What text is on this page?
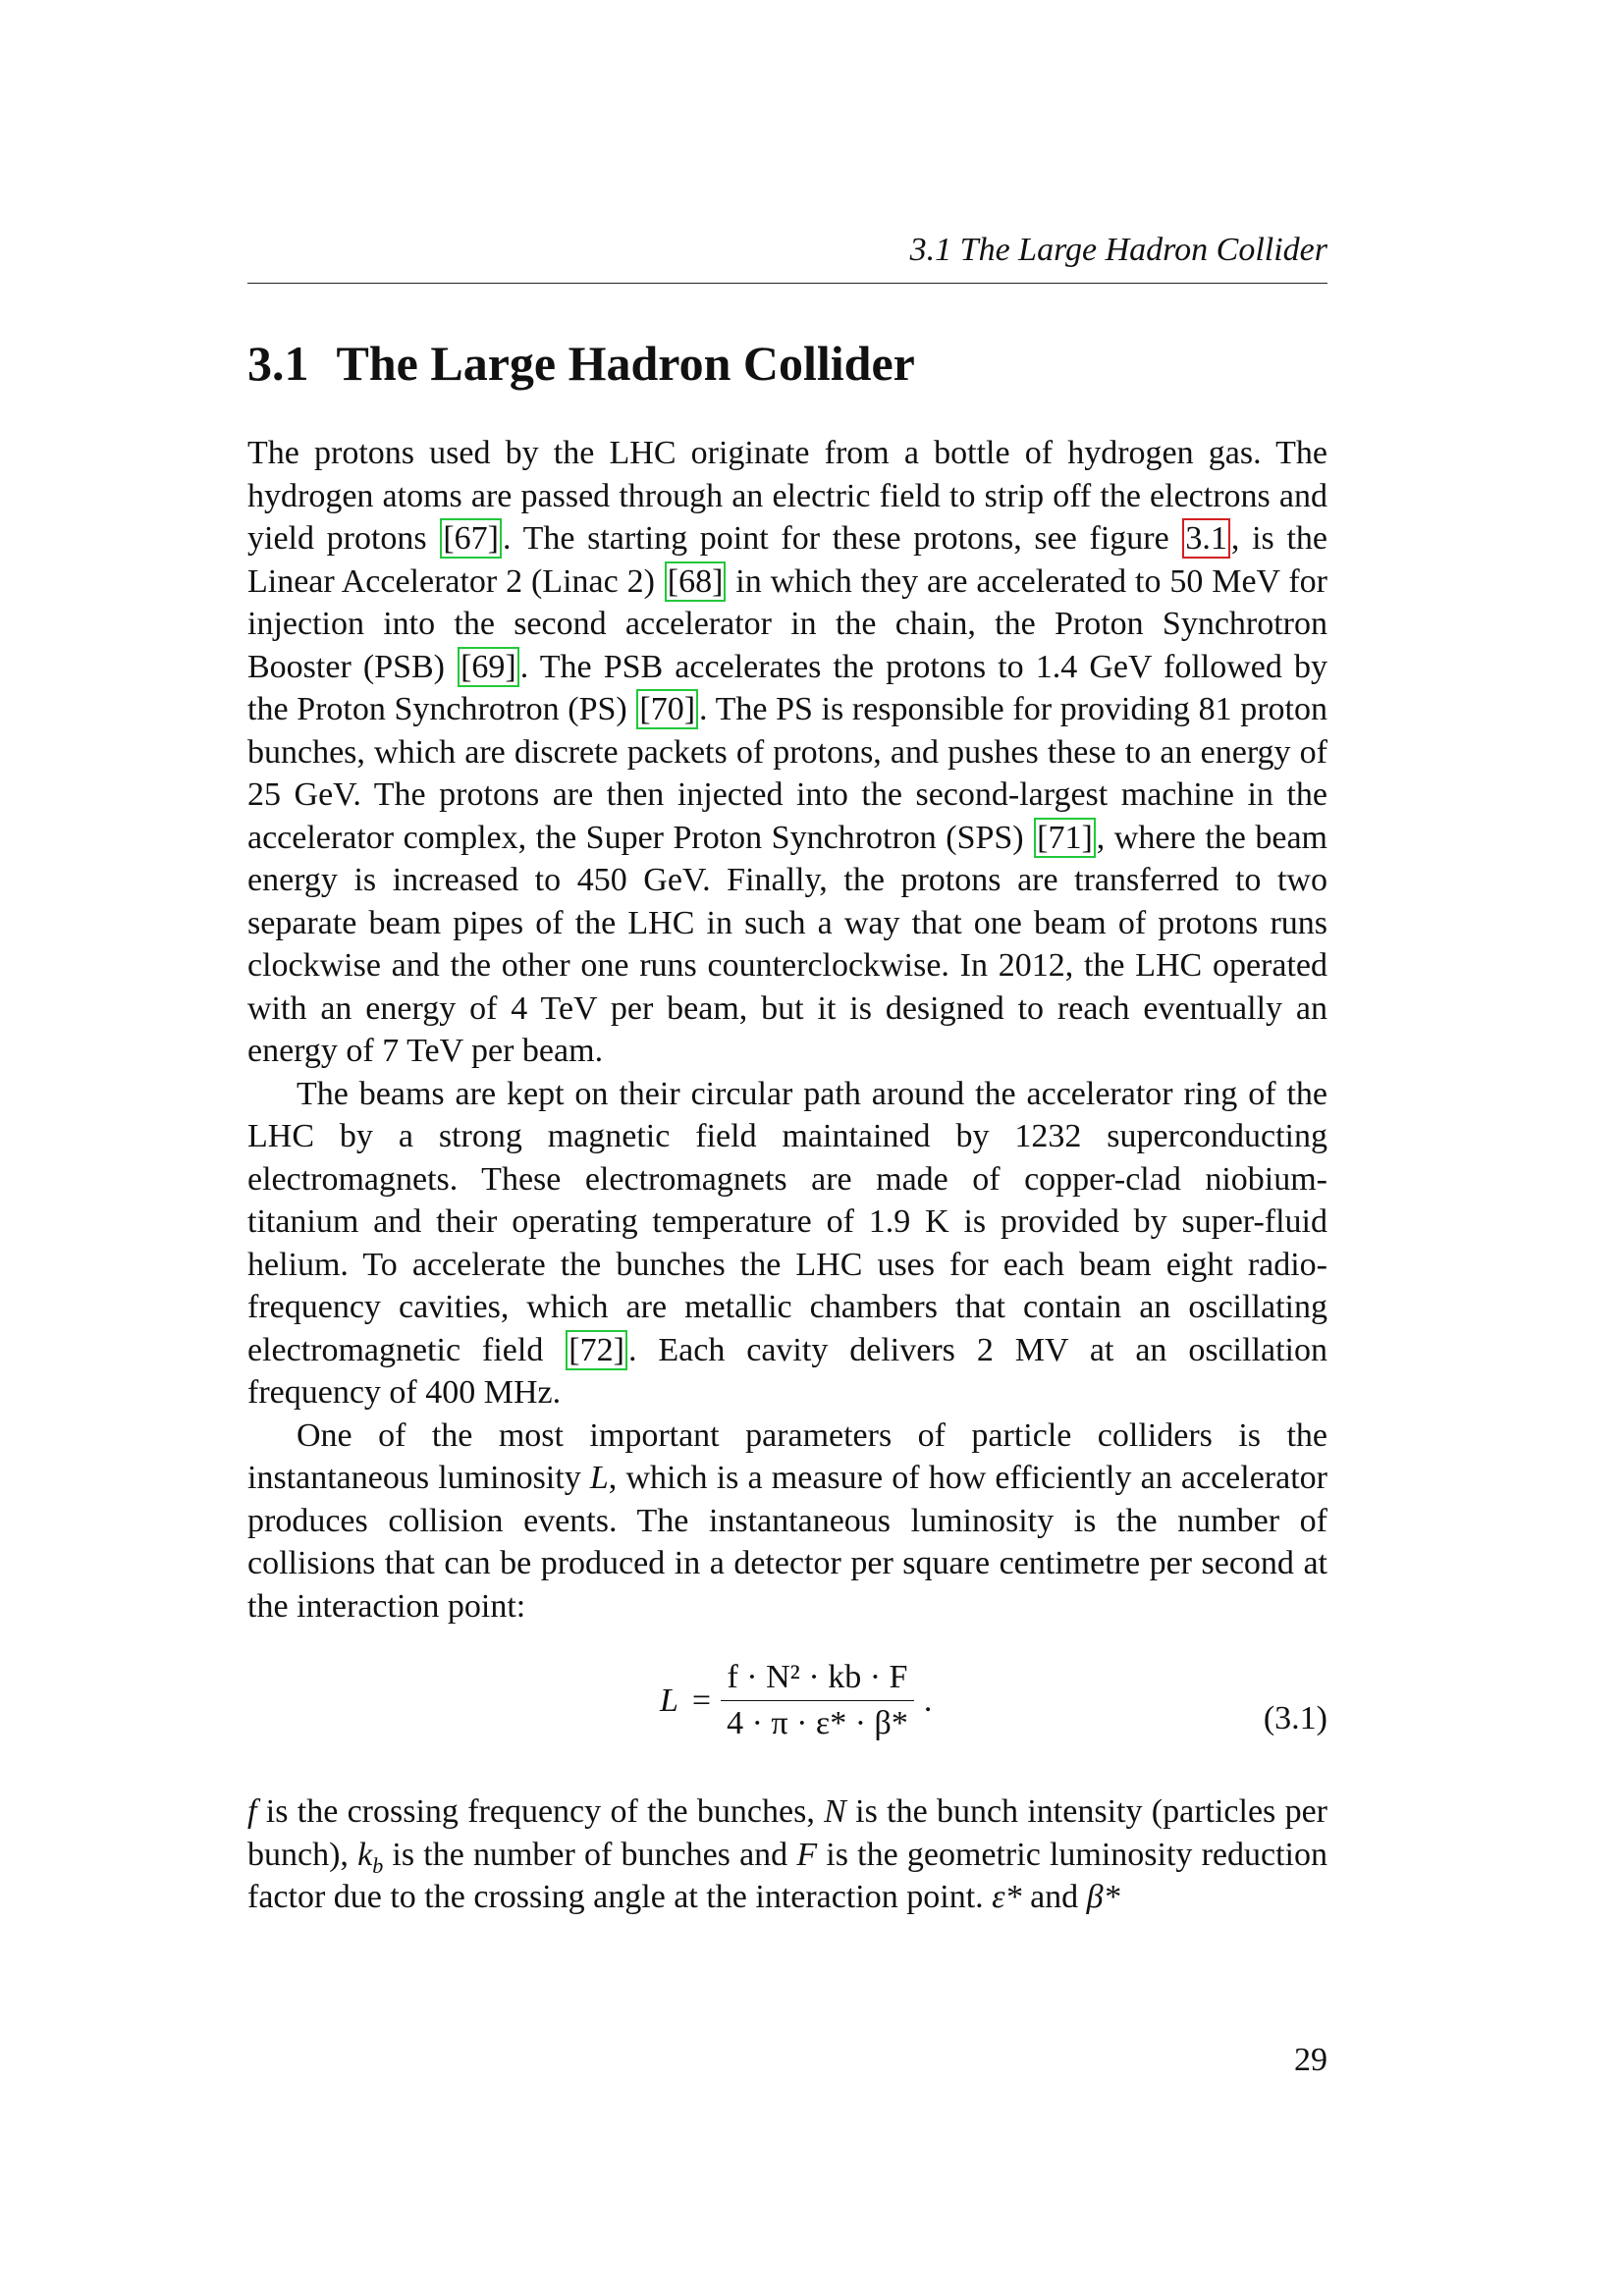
3.1 The Large Hadron Collider
3.1 The Large Hadron Collider

The protons used by the LHC originate from a bottle of hydrogen gas. The hydrogen atoms are passed through an electric field to strip off the electrons and yield protons [67] . The starting point for these protons, see figure 3.1 , is the Linear Accelerator 2 (Linac 2) [68] in which they are accelerated to 50 MeV for injection into the second accelerator in the chain, the Proton Synchrotron Booster (PSB) [69] . The PSB accelerates the protons to 1.4 GeV followed by the Proton Synchrotron (PS) [70] . The PS is responsible for providing 81 proton bunches, which are discrete packets of protons, and pushes these to an energy of 25 GeV. The protons are then injected into the second-largest machine in the accelerator complex, the Super Proton Synchrotron (SPS) [71] , where the beam energy is increased to 450 GeV. Finally, the protons are transferred to two separate beam pipes of the LHC in such a way that one beam of protons runs clockwise and the other one runs counterclockwise. In 2012, the LHC operated with an energy of 4 TeV per beam, but it is designed to reach eventually an energy of 7 TeV per beam.

The beams are kept on their circular path around the accelerator ring of the LHC by a strong magnetic field maintained by 1232 superconducting electromagnets. These electromagnets are made of copper-clad niobium-titanium and their operating temperature of 1.9 K is provided by super-fluid helium. To accelerate the bunches the LHC uses for each beam eight radio-frequency cavities, which are metallic chambers that contain an oscillating electromagnetic field [72] . Each cavity delivers 2 MV at an oscillation frequency of 400 MHz.

One of the most important parameters of particle colliders is the instantaneous luminosity L, which is a measure of how efficiently an accelerator produces collision events. The instantaneous luminosity is the number of collisions that can be produced in a detector per square centimetre per second at the interaction point:

$L = \frac{\text{f · N² · kb · F}}{4 \cdot \pi \cdot \varepsilon* \cdot \beta*}$ .	(3.1)

f is the crossing frequency of the bunches, N is the bunch intensity (particles per bunch), $k_b$ is the number of bunches and F is the geometric luminosity reduction factor due to the crossing angle at the interaction point. ε* and β*

29
